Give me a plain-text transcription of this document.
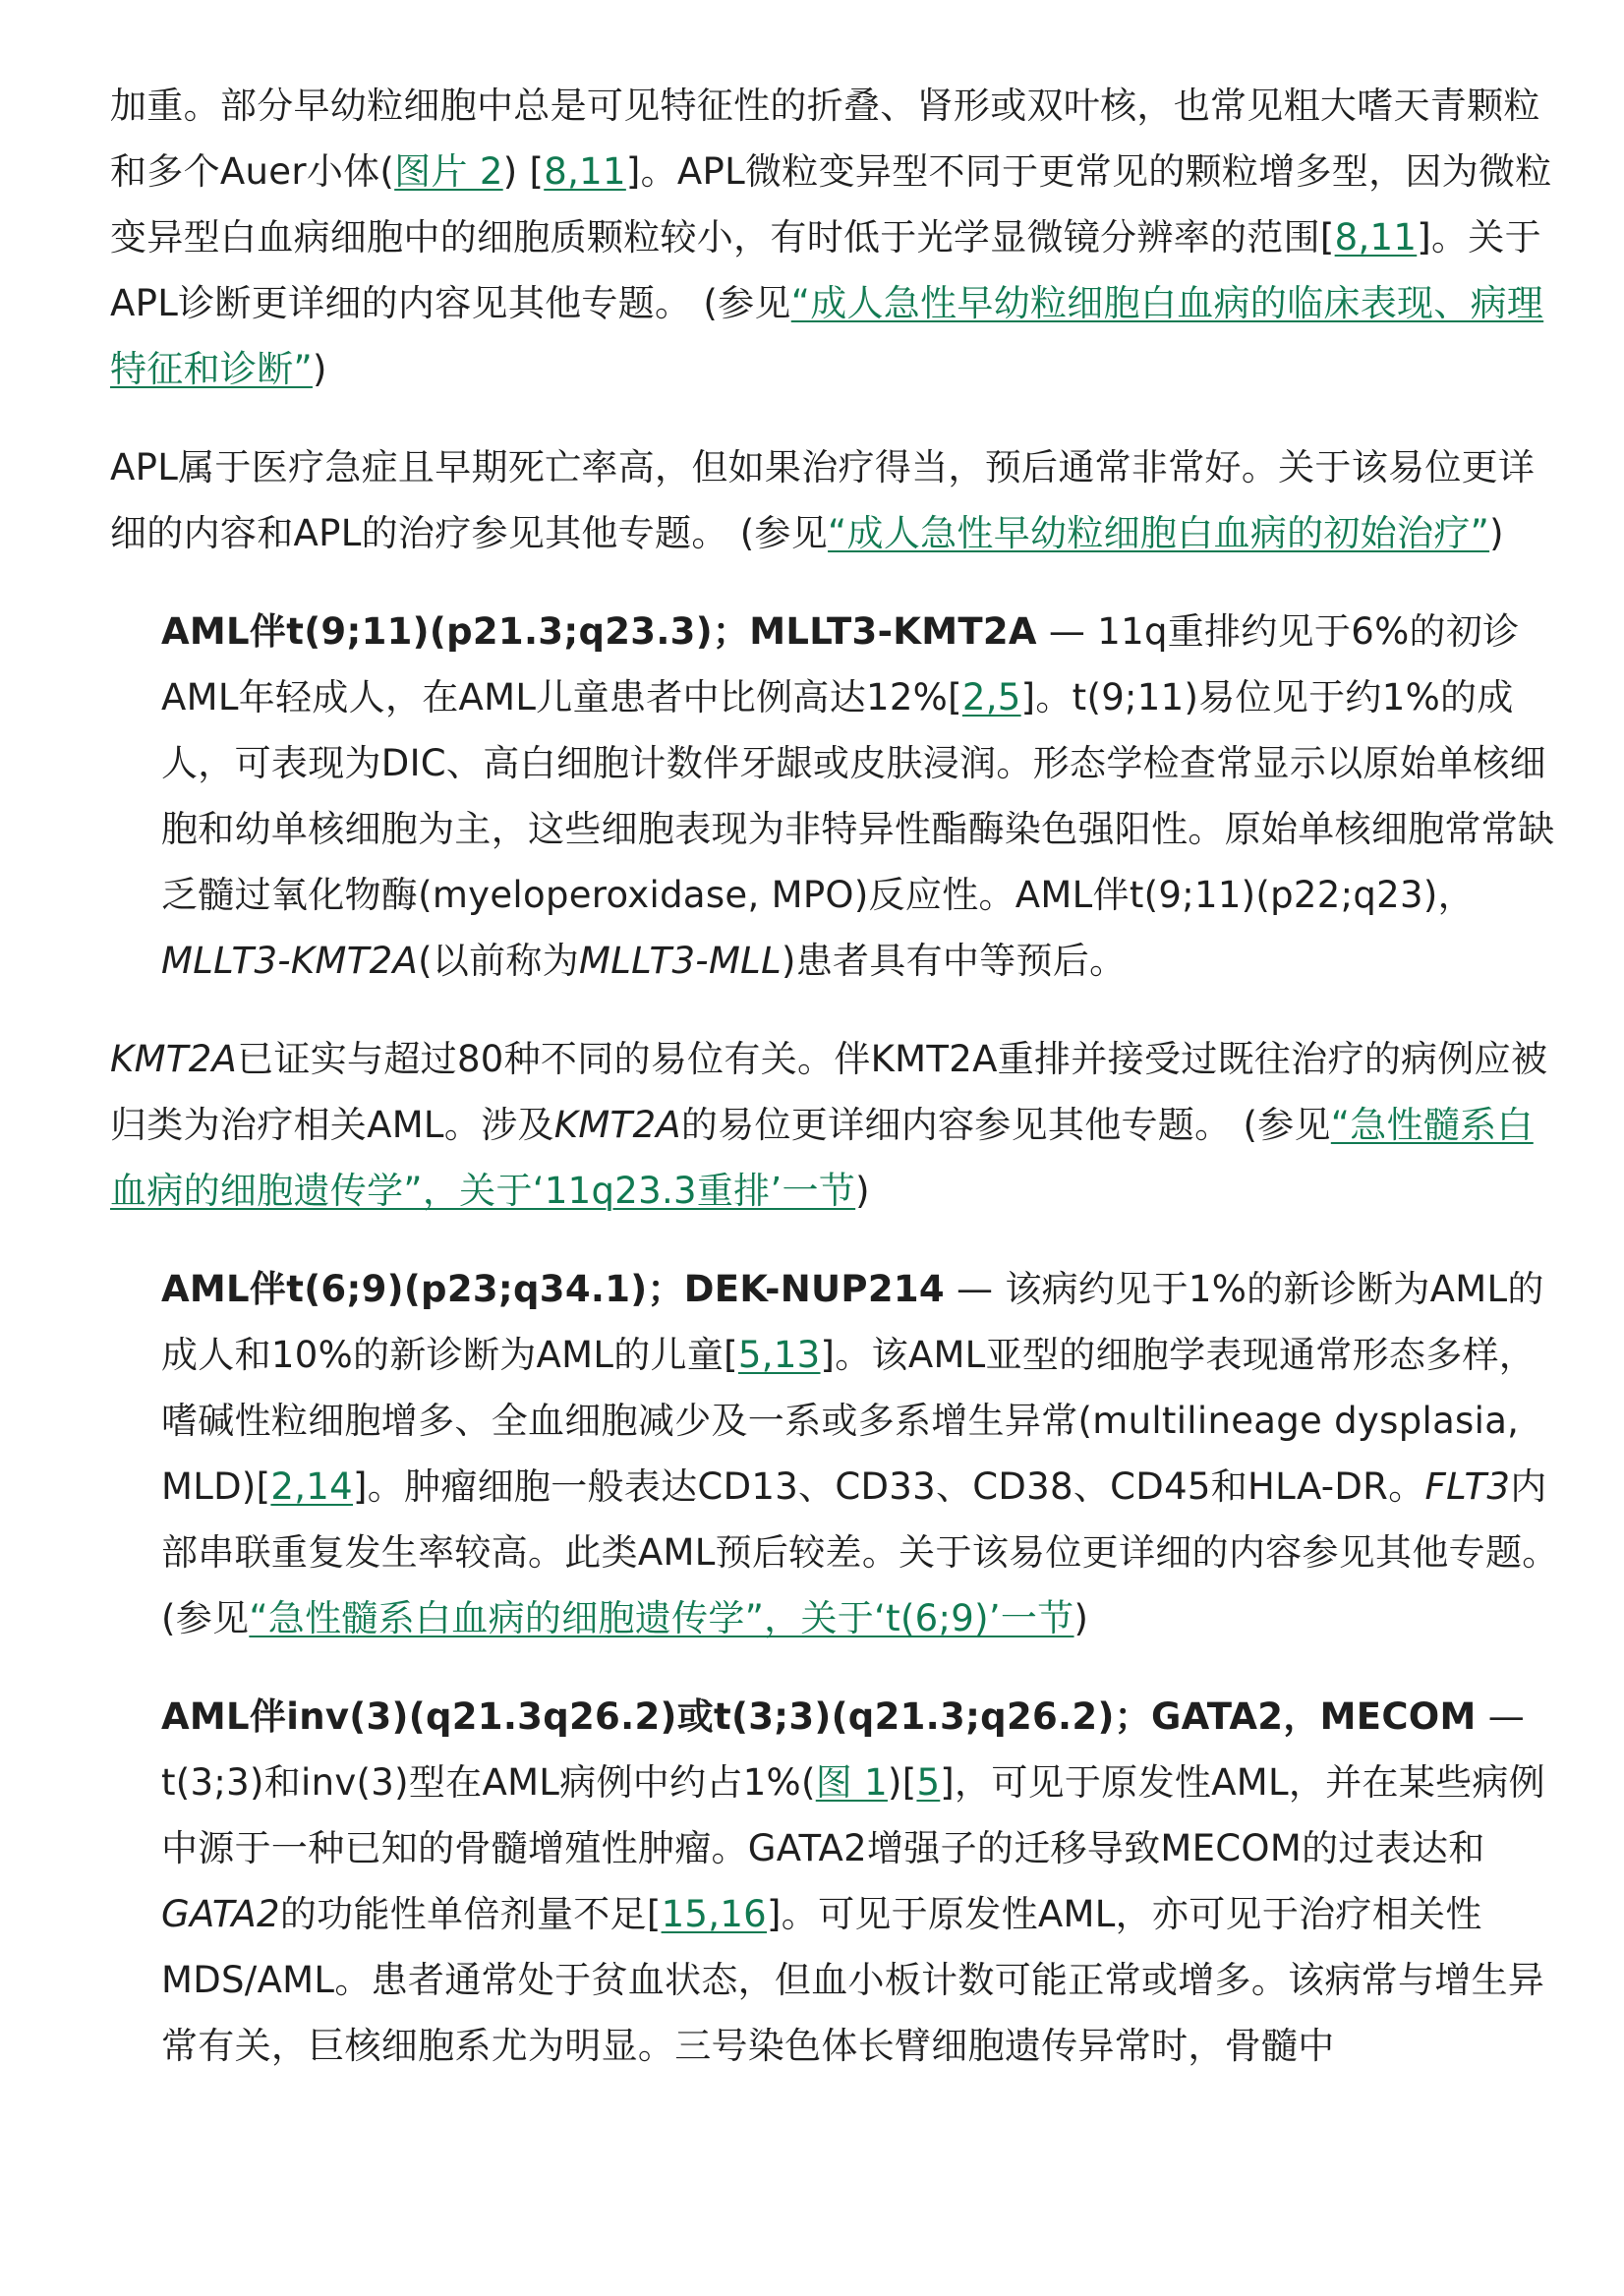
加重。部分早幼粒细胞中总是可见特征性的折叠、肾形或双叶核，也常见粗大嗜天青颗粒和多个Auer小体(图片 2) [8,11]。APL微粒变异型不同于更常见的颗粒增多型，因为微粒变异型白血病细胞中的细胞质颗粒较小，有时低于光学显微镜分辨率的范围[8,11]。关于APL诊断更详细的内容见其他专题。 (参见“成人急性早幼粒细胞白血病的临床表现、病理特征和诊断”)

APL属于医疗急症且早期死亡率高，但如果治疗得当，预后通常非常好。关于该易位更详细的内容和APL的治疗参见其他专题。 (参见“成人急性早幼粒细胞白血病的初始治疗”)

AML伴t(9;11)(p21.3;q23.3)；MLLT3-KMT2A — 11q重排约见于6%的初诊AML年轻成人，在AML儿童患者中比例高达12%[2,5]。t(9;11)易位见于约1%的成人，可表现为DIC、高白细胞计数伴牙龈或皮肤浸润。形态学检查常显示以原始单核细胞和幼单核细胞为主，这些细胞表现为非特异性酯酶染色强阳性。原始单核细胞常常缺乏髓过氧化物酶(myeloperoxidase, MPO)反应性。AML伴t(9;11)(p22;q23)，MLLT3-KMT2A(以前称为MLLT3-MLL)患者具有中等预后。

KMT2A已证实与超过80种不同的易位有关。伴KMT2A重排并接受过既往治疗的病例应被归类为治疗相关AML。涉及KMT2A的易位更详细内容参见其他专题。 (参见“急性髓系白血病的细胞遗传学”，关于‘11q23.3重排’一节)

AML伴t(6;9)(p23;q34.1)；DEK-NUP214 — 该病约见于1%的新诊断为AML的成人和10%的新诊断为AML的儿童[5,13]。该AML亚型的细胞学表现通常形态多样，嗜碱性粒细胞增多、全血细胞减少及一系或多系增生异常(multilineage dysplasia, MLD)[2,14]。肿瘤细胞一般表达CD13、CD33、CD38、CD45和HLA-DR。FLT3内部串联重复发生率较高。此类AML预后较差。关于该易位更详细的内容参见其他专题。 (参见“急性髓系白血病的细胞遗传学”，关于‘t(6;9)’一节)

AML伴inv(3)(q21.3q26.2)或t(3;3)(q21.3;q26.2)；GATA2，MECOM — t(3;3)和inv(3)型在AML病例中约占1%(图 1)[5]，可见于原发性AML，并在某些病例中源于一种已知的骨髓增殖性肿瘤。GATA2增强子的迁移导致MECOM的过表达和GATA2的功能性单倍剂量不足[15,16]。可见于原发性AML，亦可见于治疗相关性MDS/AML。患者通常处于贫血状态，但血小板计数可能正常或增多。该病常与增生异常有关，巨核细胞系尤为明显。三号染色体长臂细胞遗传异常时，骨髓中
